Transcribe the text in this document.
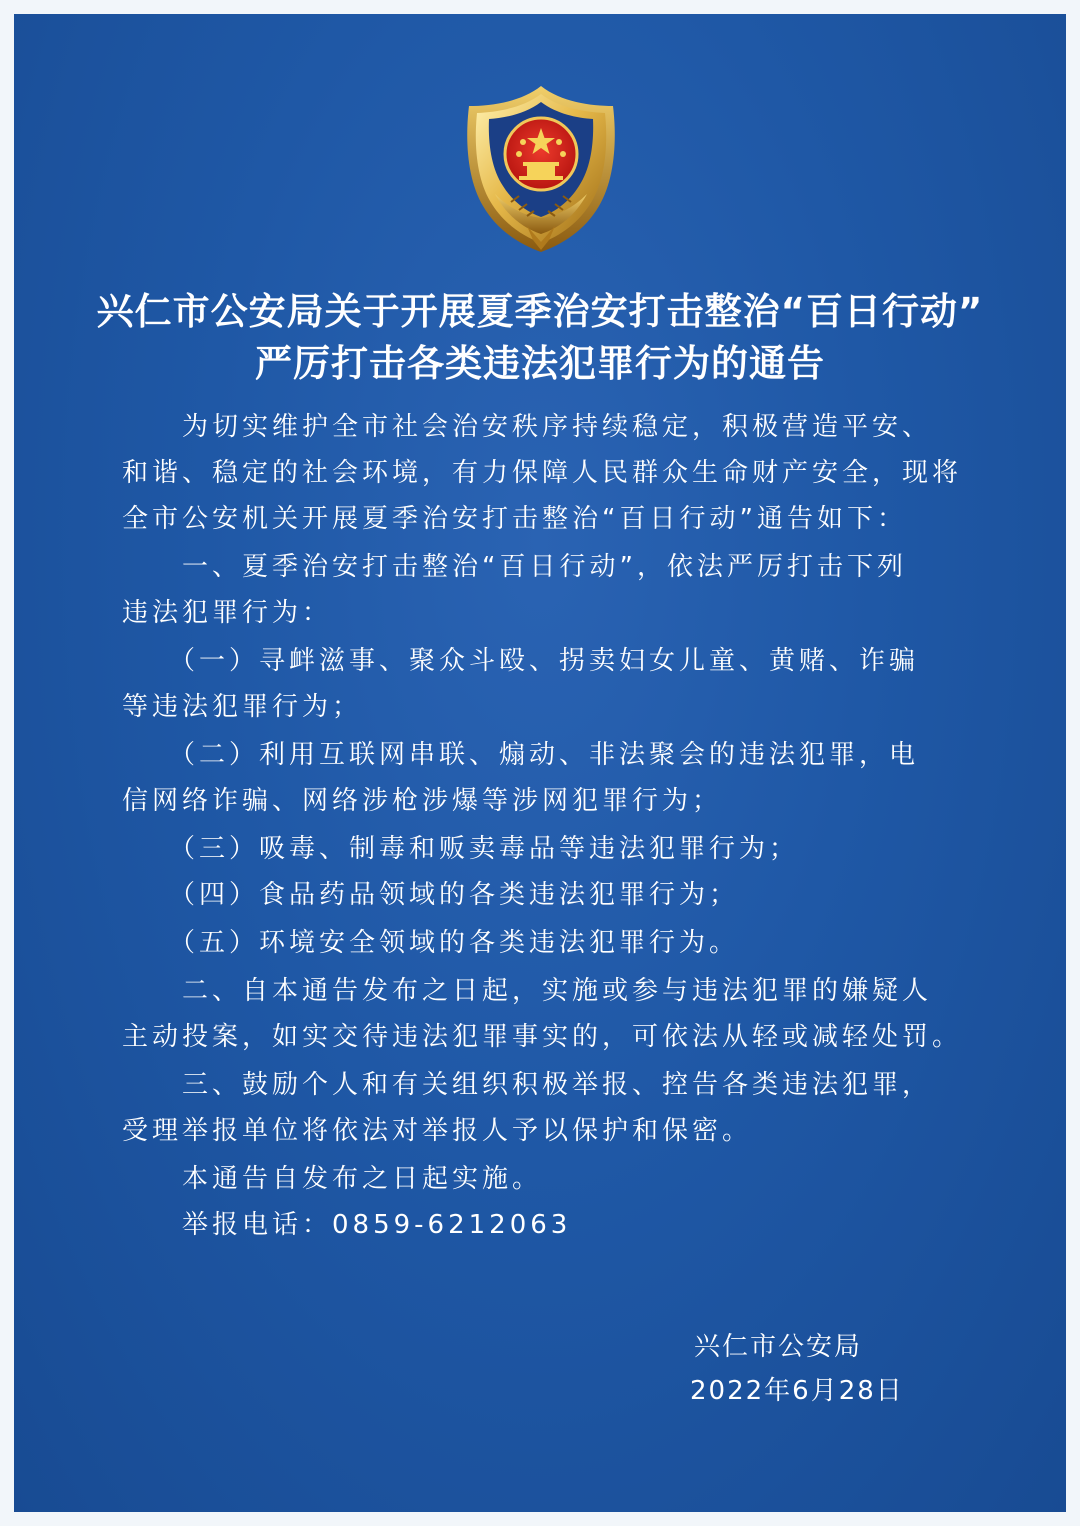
兴仁市公安局关于开展夏季治安打击整治“百日行动”
严厉打击各类违法犯罪行为的通告
　　为切实维护全市社会治安秩序持续稳定，积极营造平安、
和谐、稳定的社会环境，有力保障人民群众生命财产安全，现将
全市公安机关开展夏季治安打击整治“百日行动”通告如下：
　　一、夏季治安打击整治“百日行动”，依法严厉打击下列
违法犯罪行为：
　　（一）寻衅滋事、聚众斗殴、拐卖妇女儿童、黄赌、诈骗
等违法犯罪行为；
　　（二）利用互联网串联、煽动、非法聚会的违法犯罪，电
信网络诈骗、网络涉枪涉爆等涉网犯罪行为；
　　（三）吸毒、制毒和贩卖毒品等违法犯罪行为；
　　（四）食品药品领域的各类违法犯罪行为；
　　（五）环境安全领域的各类违法犯罪行为。
　　二、自本通告发布之日起，实施或参与违法犯罪的嫌疑人
主动投案，如实交待违法犯罪事实的，可依法从轻或减轻处罚。
　　三、鼓励个人和有关组织积极举报、控告各类违法犯罪，
受理举报单位将依法对举报人予以保护和保密。
　　本通告自发布之日起实施。
　　举报电话：0859-6212063
兴仁市公安局
2022年6月28日
